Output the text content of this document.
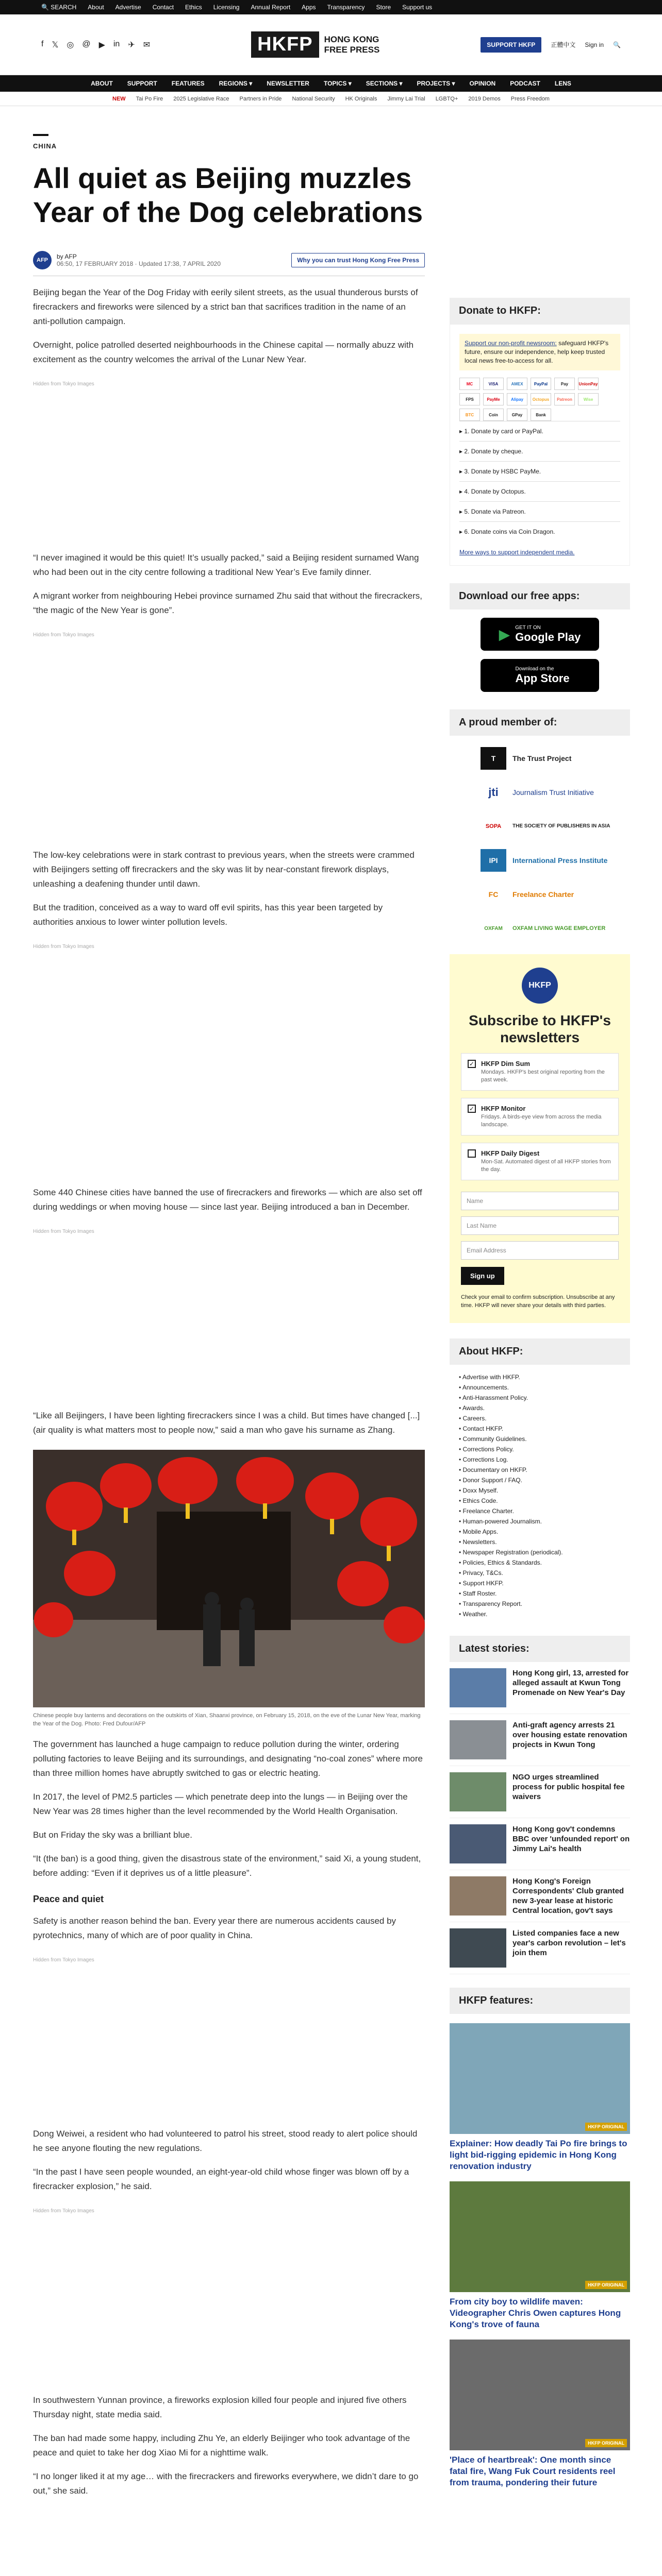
🔍 SEARCH About Advertise Contact Ethics Licensing Annual Report Apps Transparency Store Support us
f 𝕏 ◎ @ ▶ in ✈ ✉	HKFP	HONG KONG
FREE PRESS	SUPPORT HKFP	正體中文 Sign in 🔍
ABOUT SUPPORT FEATURES REGIONS ▾ NEWSLETTER TOPICS ▾ SECTIONS ▾ PROJECTS ▾ OPINION PODCAST LENS
NEW Tai Po Fire 2025 Legislative Race Partners in Pride National Security HK Originals Jimmy Lai Trial LGBTQ+ 2019 Demos Press Freedom
CHINA
All quiet as Beijing muzzles Year of the Dog celebrations
AFP	by AFP
06:50, 17 FEBRUARY 2018 · Updated 17:38, 7 APRIL 2020	Why you can trust Hong Kong Free Press

Beijing began the Year of the Dog Friday with eerily silent streets, as the usual thunderous bursts of firecrackers and fireworks were silenced by a strict ban that sacrifices tradition in the name of an anti-pollution campaign.

Overnight, police patrolled deserted neighbourhoods in the Chinese capital — normally abuzz with excitement as the country welcomes the arrival of the Lunar New Year.

Hidden from Tokyo Images

“I never imagined it would be this quiet! It’s usually packed,” said a Beijing resident surnamed Wang who had been out in the city centre following a traditional New Year’s Eve family dinner.

A migrant worker from neighbouring Hebei province surnamed Zhu said that without the firecrackers, “the magic of the New Year is gone”.

Hidden from Tokyo Images

The low-key celebrations were in stark contrast to previous years, when the streets were crammed with Beijingers setting off firecrackers and the sky was lit by near-constant firework displays, unleashing a deafening thunder until dawn.

But the tradition, conceived as a way to ward off evil spirits, has this year been targeted by authorities anxious to lower winter pollution levels.

Hidden from Tokyo Images

Some 440 Chinese cities have banned the use of firecrackers and fireworks — which are also set off during weddings or when moving house — since last year. Beijing introduced a ban in December.

Hidden from Tokyo Images

“Like all Beijingers, I have been lighting firecrackers since I was a child. But times have changed [...] (air quality is what matters most to people now,” said a man who gave his surname as Zhang.

Chinese people buy lanterns and decorations on the outskirts of Xian, Shaanxi province, on February 15, 2018, on the eve of the Lunar New Year, marking the Year of the Dog. Photo: Fred Dufour/AFP

The government has launched a huge campaign to reduce pollution during the winter, ordering polluting factories to leave Beijing and its surroundings, and designating “no-coal zones” where more than three million homes have abruptly switched to gas or electric heating.

In 2017, the level of PM2.5 particles — which penetrate deep into the lungs — in Beijing over the New Year was 28 times higher than the level recommended by the World Health Organisation.

But on Friday the sky was a brilliant blue.

“It (the ban) is a good thing, given the disastrous state of the environment,” said Xi, a young student, before adding: “Even if it deprives us of a little pleasure”.

Peace and quiet

Safety is another reason behind the ban. Every year there are numerous accidents caused by pyrotechnics, many of which are of poor quality in China.

Hidden from Tokyo Images

Dong Weiwei, a resident who had volunteered to patrol his street, stood ready to alert police should he see anyone flouting the new regulations.

“In the past I have seen people wounded, an eight-year-old child whose finger was blown off by a firecracker explosion,” he said.

Hidden from Tokyo Images

In southwestern Yunnan province, a fireworks explosion killed four people and injured five others Thursday night, state media said.

The ban had made some happy, including Zhu Ye, an elderly Beijinger who took advantage of the peace and quiet to take her dog Xiao Mi for a nighttime walk.

“I no longer liked it at my age… with the firecrackers and fireworks everywhere, we didn’t dare to go out,” she said.

Donate to HKFP:
Support our non-profit newsroom: safeguard HKFP's future, ensure our independence, help keep trusted local news free-to-access for all.
MC	VISA	AMEX	PayPal	Pay	UnionPay
FPS	PayMe	Alipay	Octopus	Patreon	Wise
BTC	Coin	GPay	Bank
▸ 1. Donate by card or PayPal.
▸ 2. Donate by cheque.
▸ 3. Donate by HSBC PayMe.
▸ 4. Donate by Octopus.
▸ 5. Donate via Patreon.
▸ 6. Donate coins via Coin Dragon.
More ways to support independent media.
Download our free apps:
▶ GET IT ON
Google Play
Download on the
App Store
A proud member of:
T	The Trust Project
jti	Journalism Trust Initiative
SOPA	THE SOCIETY OF PUBLISHERS IN ASIA
IPI	International Press Institute
FC	Freelance Charter
OXFAM	OXFAM LIVING WAGE EMPLOYER
HKFP
Subscribe to HKFP's newsletters
✓ HKFP Dim Sum
Mondays. HKFP's best original reporting from the past week.
✓ HKFP Monitor
Fridays. A birds-eye view from across the media landscape.
HKFP Daily Digest
Mon-Sat. Automated digest of all HKFP stories from the day.
Name
Last Name
Email Address
Sign up
Check your email to confirm subscription. Unsubscribe at any time. HKFP will never share your details with third parties.
About HKFP:
• Advertise with HKFP.
• Announcements.
• Anti-Harassment Policy.
• Awards.
• Careers.
• Contact HKFP.
• Community Guidelines.
• Corrections Policy.
• Corrections Log.
• Documentary on HKFP.
• Donor Support / FAQ.
• Doxx Myself.
• Ethics Code.
• Freelance Charter.
• Human-powered Journalism.
• Mobile Apps.
• Newsletters.
• Newspaper Registration (periodical).
• Policies, Ethics & Standards.
• Privacy, T&Cs.
• Support HKFP.
• Staff Roster.
• Transparency Report.
• Weather.
Latest stories:
Hong Kong girl, 13, arrested for alleged assault at Kwun Tong Promenade on New Year's Day
Anti-graft agency arrests 21 over housing estate renovation projects in Kwun Tong
NGO urges streamlined process for public hospital fee waivers
Hong Kong gov't condemns BBC over 'unfounded report' on Jimmy Lai's health
Hong Kong's Foreign Correspondents' Club granted new 3-year lease at historic Central location, gov't says
Listed companies face a new year's carbon revolution – let's join them
HKFP features:
HKFP ORIGINAL
Explainer: How deadly Tai Po fire brings to light bid-rigging epidemic in Hong Kong renovation industry
HKFP ORIGINAL
From city boy to wildlife maven: Videographer Chris Owen captures Hong Kong's trove of fauna
HKFP ORIGINAL
'Place of heartbreak': One month since fatal fire, Wang Fuk Court residents reel from trauma, pondering their future
